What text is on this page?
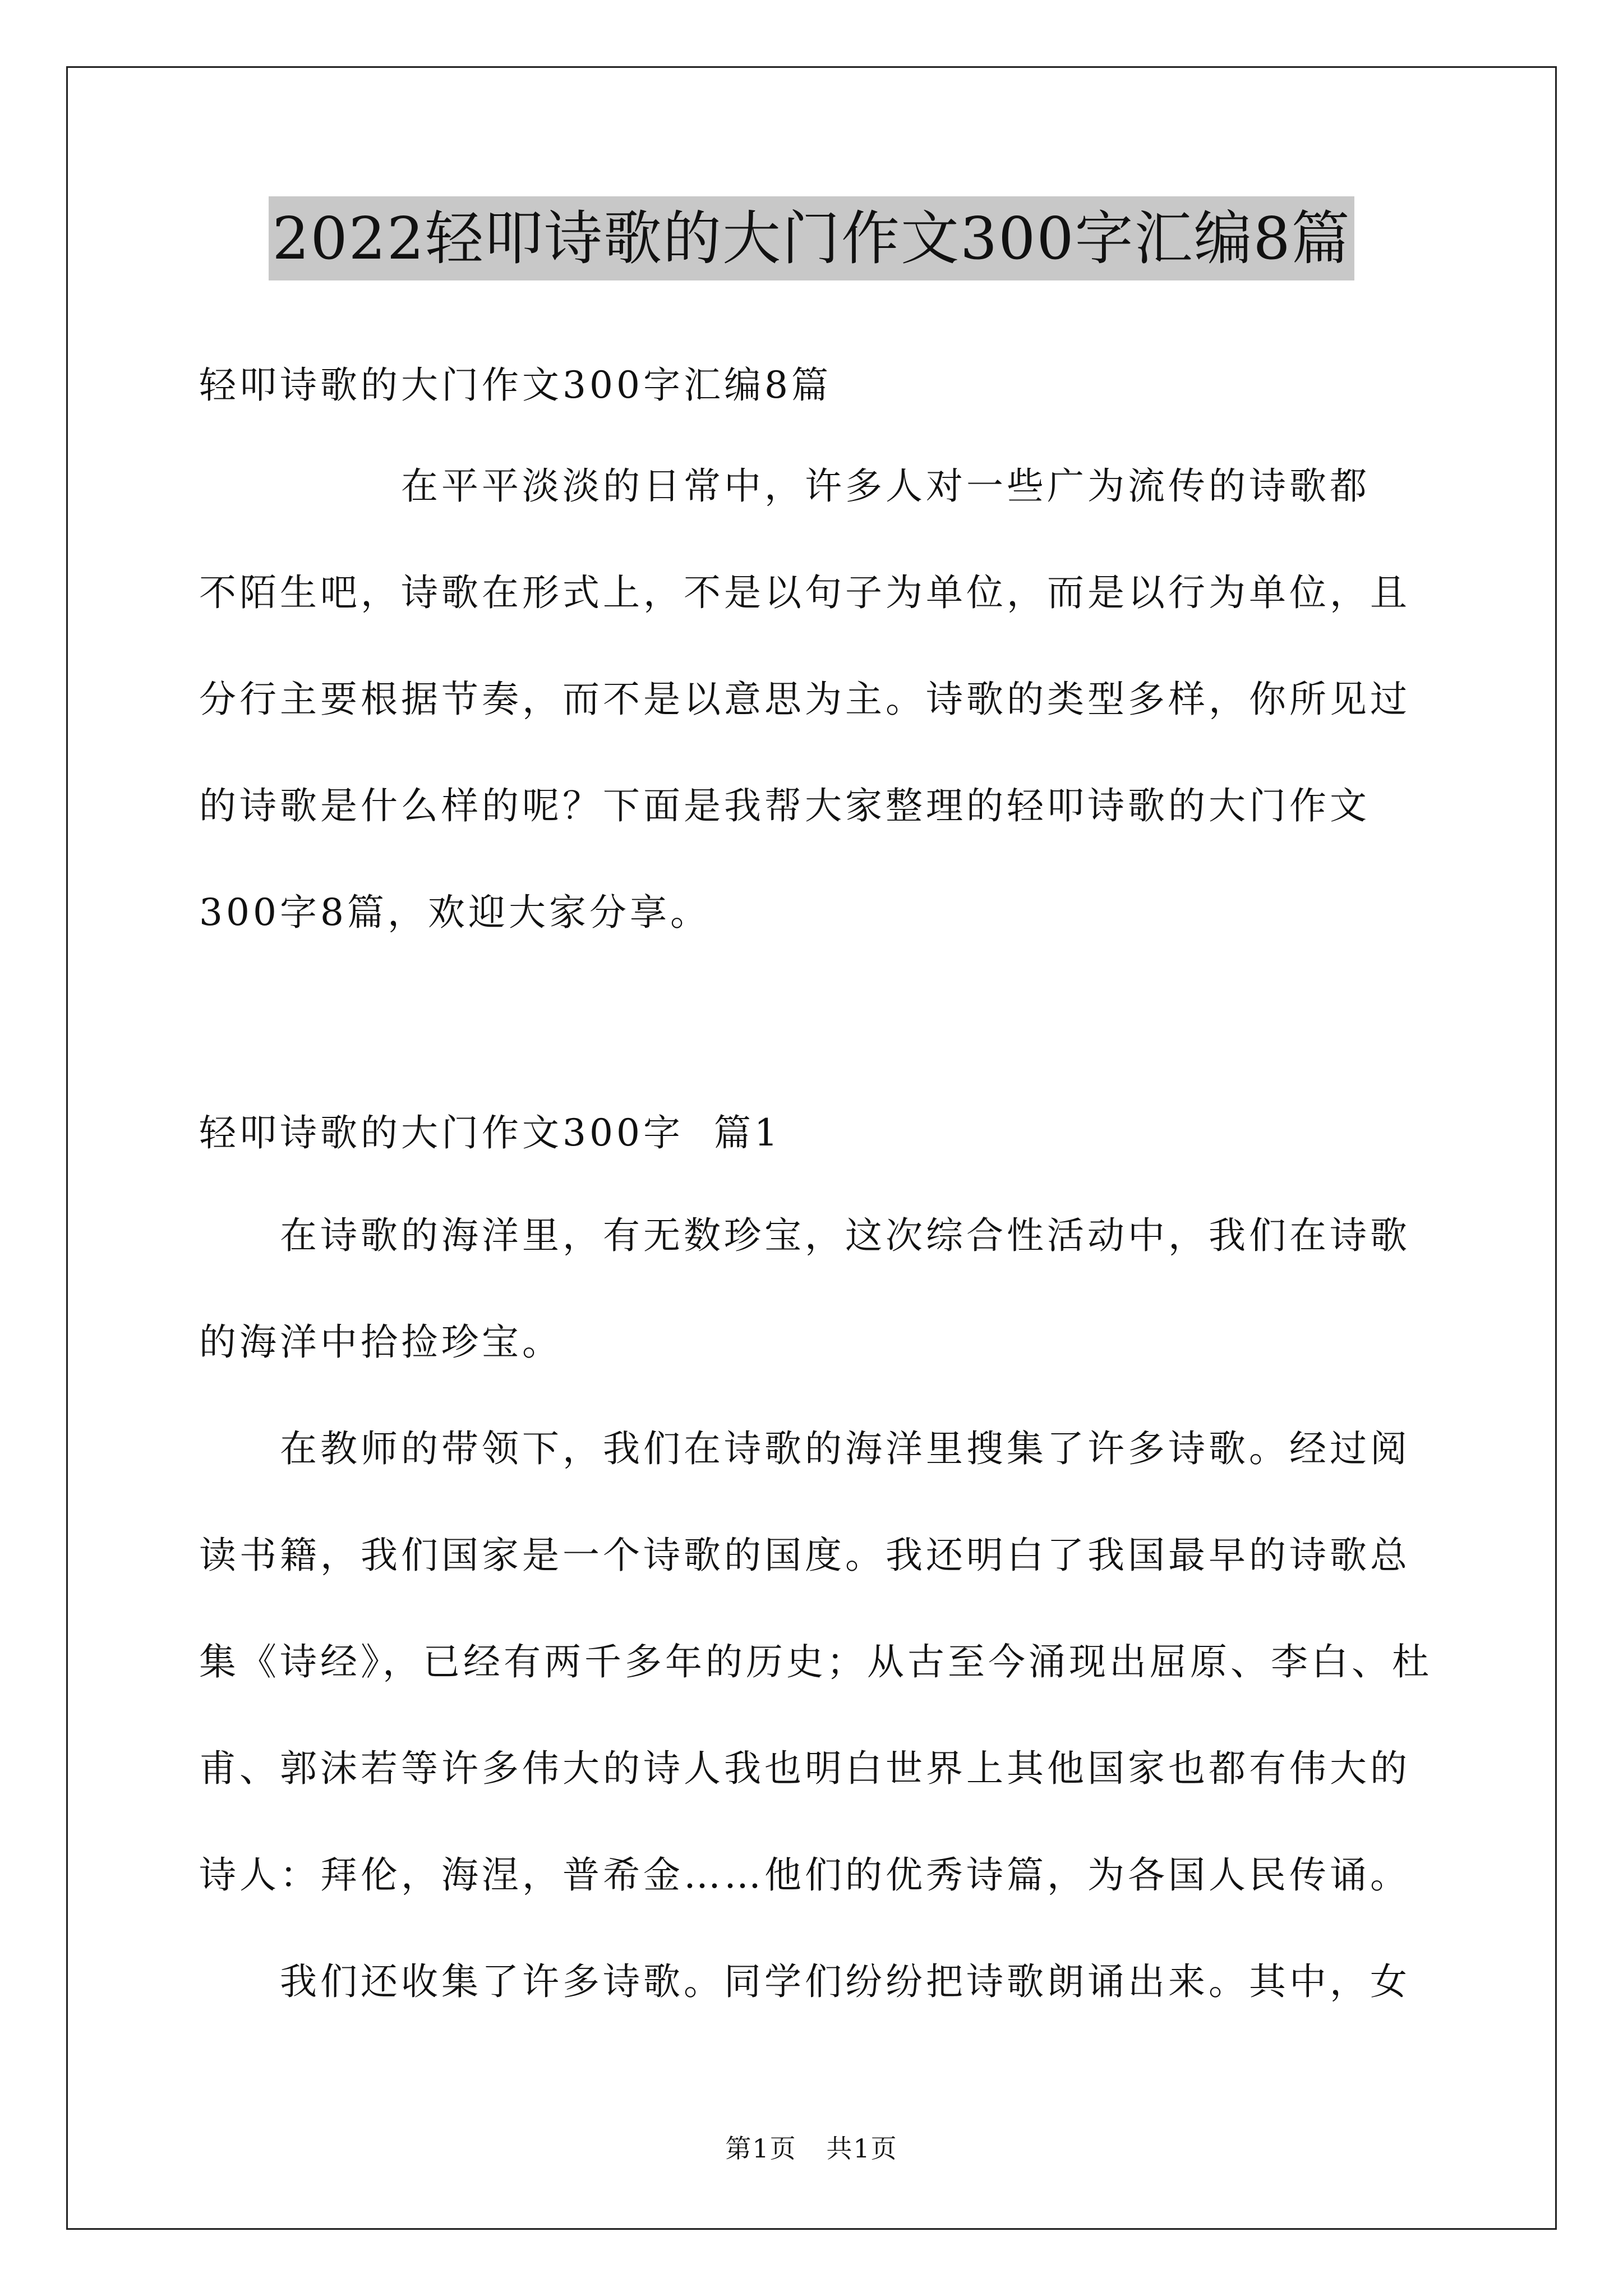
2022轻叩诗歌的大门作文300字汇编8篇
轻叩诗歌的大门作文300字汇编8篇
　　　　　在平平淡淡的日常中，许多人对一些广为流传的诗歌都
不陌生吧，诗歌在形式上，不是以句子为单位，而是以行为单位，且
分行主要根据节奏，而不是以意思为主。诗歌的类型多样，你所见过
的诗歌是什么样的呢？下面是我帮大家整理的轻叩诗歌的大门作文
300字8篇，欢迎大家分享。
轻叩诗歌的大门作文300字  篇1
　　在诗歌的海洋里，有无数珍宝，这次综合性活动中，我们在诗歌
的海洋中拾捡珍宝。
　　在教师的带领下，我们在诗歌的海洋里搜集了许多诗歌。经过阅
读书籍，我们国家是一个诗歌的国度。我还明白了我国最早的诗歌总
集《诗经》，已经有两千多年的历史；从古至今涌现出屈原、李白、杜
甫、郭沫若等许多伟大的诗人我也明白世界上其他国家也都有伟大的
诗人：拜伦，海涅，普希金……他们的优秀诗篇，为各国人民传诵。
　　我们还收集了许多诗歌。同学们纷纷把诗歌朗诵出来。其中，女
第1页 共1页
